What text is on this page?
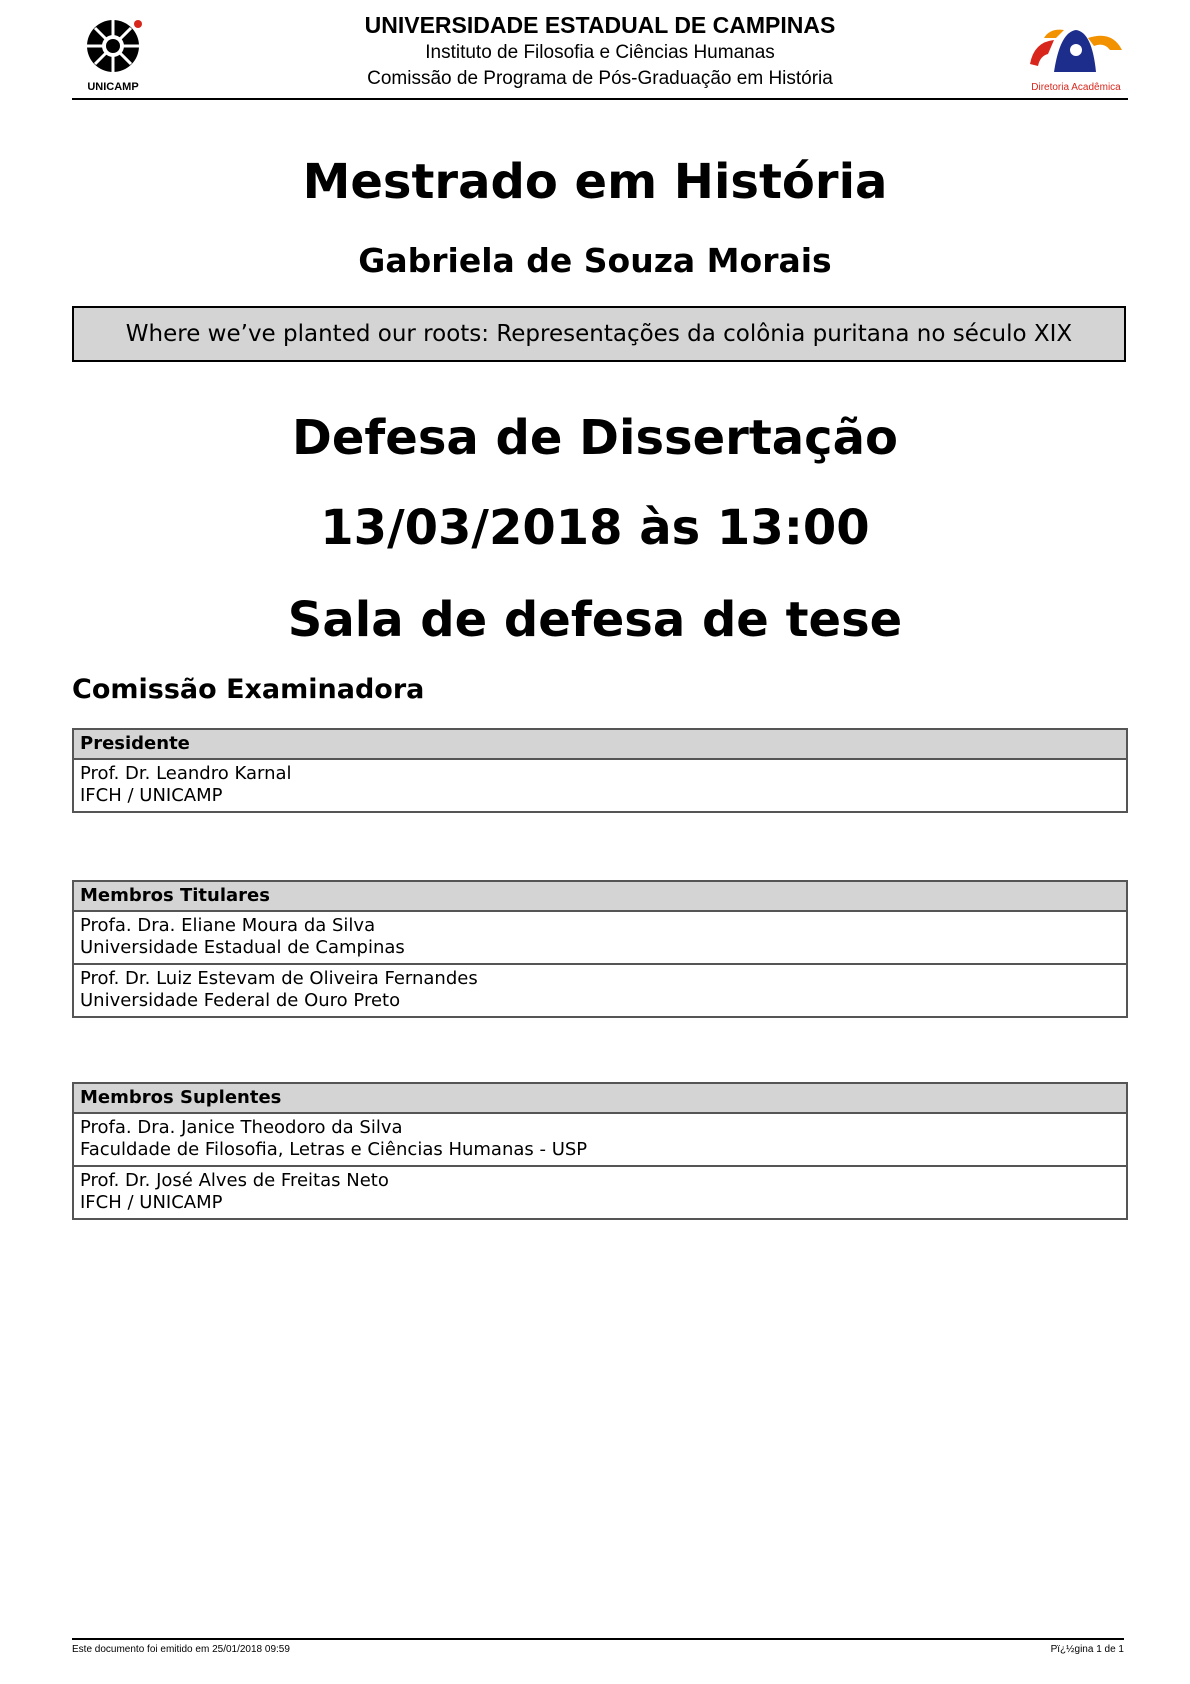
UNICAMP
UNIVERSIDADE ESTADUAL DE CAMPINAS
Instituto de Filosofia e Ciências Humanas
Comissão de Programa de Pós-Graduação em História	Diretoria Acadêmica
Mestrado em História
Gabriela de Souza Morais
Where we’ve planted our roots: Representações da colônia puritana no século XIX
Defesa de Dissertação
13/03/2018 às 13:00
Sala de defesa de tese
Comissão Examinadora
Presidente
Prof. Dr. Leandro Karnal
IFCH / UNICAMP
Membros Titulares
Profa. Dra. Eliane Moura da Silva
Universidade Estadual de Campinas
Prof. Dr. Luiz Estevam de Oliveira Fernandes
Universidade Federal de Ouro Preto
Membros Suplentes
Profa. Dra. Janice Theodoro da Silva
Faculdade de Filosofia, Letras e Ciências Humanas - USP
Prof. Dr. José Alves de Freitas Neto
IFCH / UNICAMP
Este documento foi emitido em 25/01/2018 09:59	Pï¿½gina 1 de 1
